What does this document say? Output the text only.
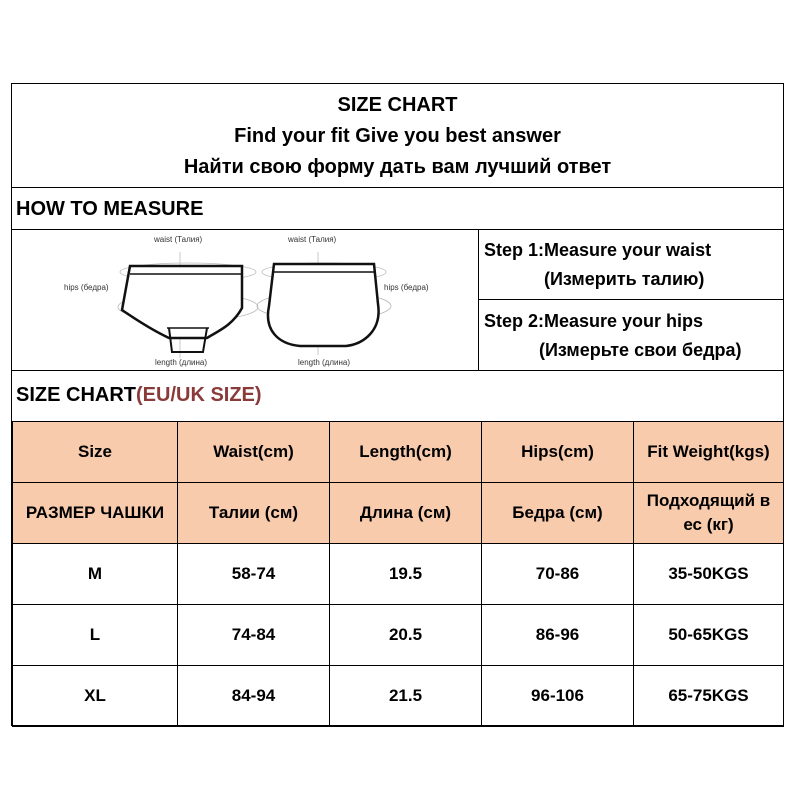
SIZE CHART
Find your fit Give you best answer
Найти свою форму дать вам лучший ответ
HOW TO MEASURE
waist (Талия)
hips (бедра)
length (длина)
waist (Талия)
hips (бедра)
length (длина)
Step 1:Measure your waist
(Измерить талию)
Step 2:Measure your hips
(Измерьте свои бедра)
SIZE CHART(EU/UK SIZE)
Size	Waist(cm)	Length(cm)	Hips(cm)	Fit Weight(kgs)
РАЗМЕР ЧАШКИ	Талии (см)	Длина (см)	Бедра (см)	Подходящий в ес (кг)
M	58-74	19.5	70-86	35-50KGS
L	74-84	20.5	86-96	50-65KGS
XL	84-94	21.5	96-106	65-75KGS
